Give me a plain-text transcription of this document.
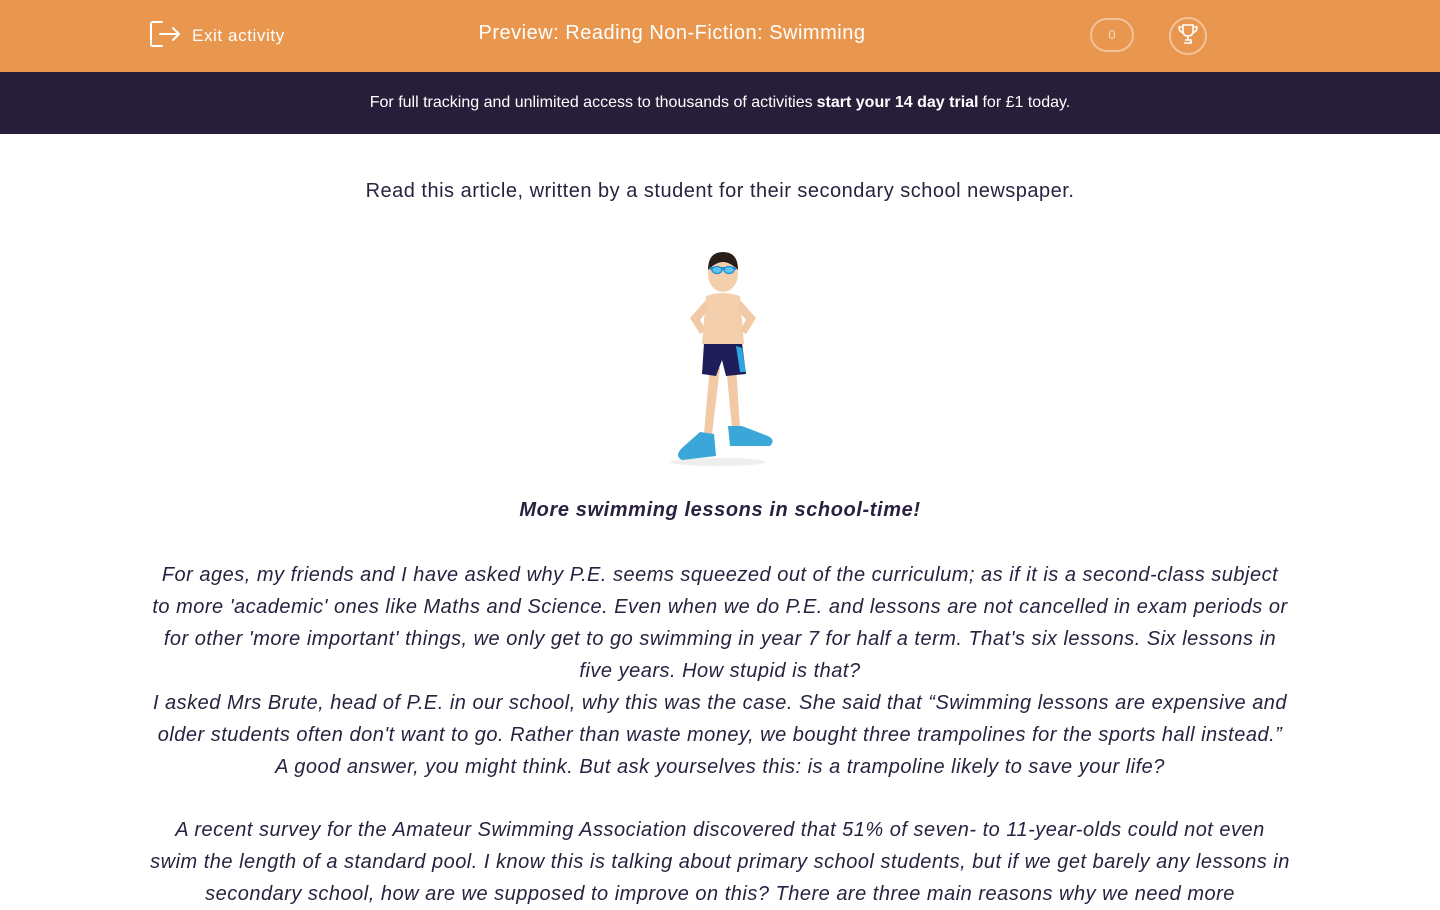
Exit activity	Preview: Reading Non-Fiction: Swimming	0
For full tracking and unlimited access to thousands of activities start your 14 day trial for £1 today.
Read this article, written by a student for their secondary school newspaper.
More swimming lessons in school-time!

For ages, my friends and I have asked why P.E. seems squeezed out of the curriculum; as if it is a second-class subject to more 'academic' ones like Maths and Science. Even when we do P.E. and lessons are not cancelled in exam periods or for other 'more important' things, we only get to go swimming in year 7 for half a term. That's six lessons. Six lessons in five years. How stupid is that?

I asked Mrs Brute, head of P.E. in our school, why this was the case. She said that “Swimming lessons are expensive and older students often don't want to go. Rather than waste money, we bought three trampolines for the sports hall instead.” A good answer, you might think. But ask yourselves this: is a trampoline likely to save your life?

A recent survey for the Amateur Swimming Association discovered that 51% of seven- to 11-year-olds could not even swim the length of a standard pool. I know this is talking about primary school students, but if we get barely any lessons in secondary school, how are we supposed to improve on this? There are three main reasons why we need more
